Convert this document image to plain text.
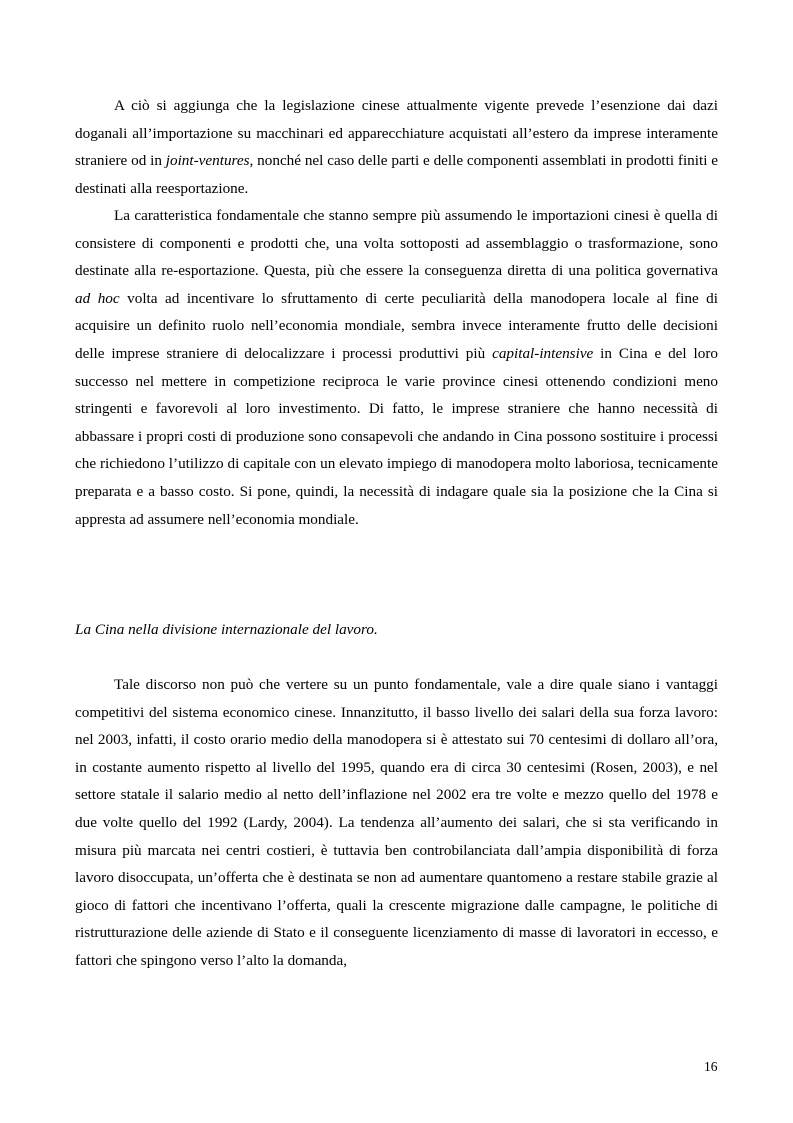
A ciò si aggiunga che la legislazione cinese attualmente vigente prevede l’esenzione dai dazi doganali all’importazione su macchinari ed apparecchiature acquistati all’estero da imprese interamente straniere od in joint-ventures, nonché nel caso delle parti e delle componenti assemblati in prodotti finiti e destinati alla reesportazione.

La caratteristica fondamentale che stanno sempre più assumendo le importazioni cinesi è quella di consistere di componenti e prodotti che, una volta sottoposti ad assemblaggio o trasformazione, sono destinate alla re-esportazione. Questa, più che essere la conseguenza diretta di una politica governativa ad hoc volta ad incentivare lo sfruttamento di certe peculiarità della manodopera locale al fine di acquisire un definito ruolo nell’economia mondiale, sembra invece interamente frutto delle decisioni delle imprese straniere di delocalizzare i processi produttivi più capital-intensive in Cina e del loro successo nel mettere in competizione reciproca le varie province cinesi ottenendo condizioni meno stringenti e favorevoli al loro investimento. Di fatto, le imprese straniere che hanno necessità di abbassare i propri costi di produzione sono consapevoli che andando in Cina possono sostituire i processi che richiedono l’utilizzo di capitale con un elevato impiego di manodopera molto laboriosa, tecnicamente preparata e a basso costo. Si pone, quindi, la necessità di indagare quale sia la posizione che la Cina si appresta ad assumere nell’economia mondiale.

La Cina nella divisione internazionale del lavoro.

Tale discorso non può che vertere su un punto fondamentale, vale a dire quale siano i vantaggi competitivi del sistema economico cinese. Innanzitutto, il basso livello dei salari della sua forza lavoro: nel 2003, infatti, il costo orario medio della manodopera si è attestato sui 70 centesimi di dollaro all’ora, in costante aumento rispetto al livello del 1995, quando era di circa 30 centesimi (Rosen, 2003), e nel settore statale il salario medio al netto dell’inflazione nel 2002 era tre volte e mezzo quello del 1978 e due volte quello del 1992 (Lardy, 2004). La tendenza all’aumento dei salari, che si sta verificando in misura più marcata nei centri costieri, è tuttavia ben controbilanciata dall’ampia disponibilità di forza lavoro disoccupata, un’offerta che è destinata se non ad aumentare quantomeno a restare stabile grazie al gioco di fattori che incentivano l’offerta, quali la crescente migrazione dalle campagne, le politiche di ristrutturazione delle aziende di Stato e il conseguente licenziamento di masse di lavoratori in eccesso, e fattori che spingono verso l’alto la domanda,

16
